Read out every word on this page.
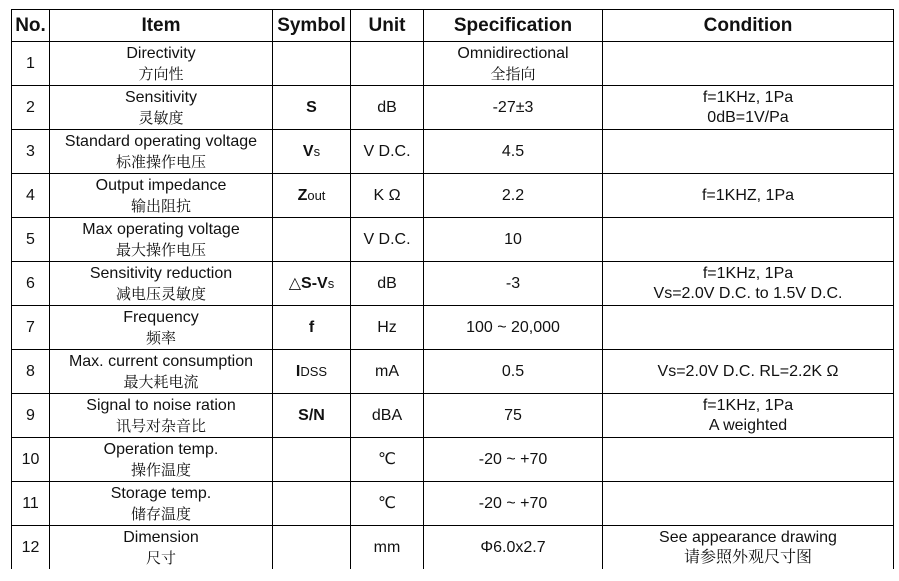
No.	Item	Symbol	Unit	Specification	Condition
1	Directivity
方向性			Omnidirectional
全指向	

2	Sensitivity
灵敏度	S	dB	-27±3	f=1KHz, 1Pa
0dB=1V/Pa

3	Standard operating voltage
标准操作电压	Vs	V D.C.	4.5	

4	Output impedance
输出阻抗	Zout	K Ω	2.2	f=1KHZ, 1Pa

5	Max operating voltage
最大操作电压		V D.C.	10	

6	Sensitivity reduction
减电压灵敏度	△S-Vs	dB	-3	f=1KHz, 1Pa
Vs=2.0V D.C. to 1.5V D.C.

7	Frequency
频率	f	Hz	100 ~ 20,000	

8	Max. current consumption
最大耗电流	IDSS	mA	0.5	Vs=2.0V D.C. RL=2.2K Ω

9	Signal to noise ration
讯号对杂音比	S/N	dBA	75	f=1KHz, 1Pa
A weighted

10	Operation temp.
操作温度		℃	-20 ~ +70	

11	Storage temp.
储存温度		℃	-20 ~ +70	

12	Dimension
尺寸		mm	Φ6.0x2.7	See appearance drawing
请参照外观尺寸图
